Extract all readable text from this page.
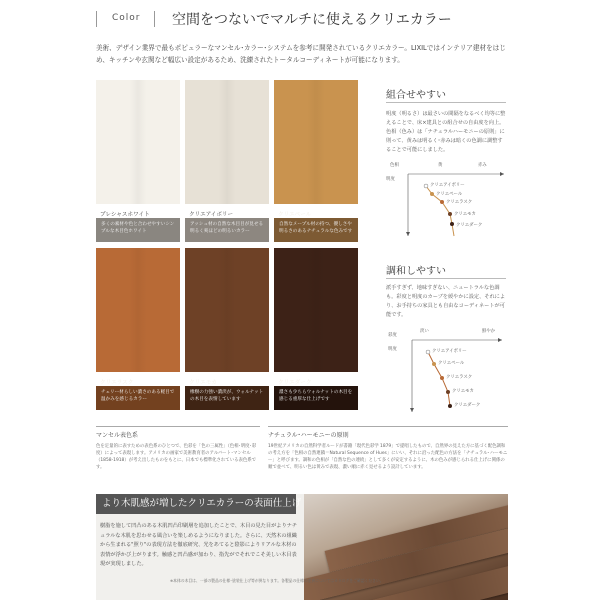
Color 空間をつないでマルチに使えるクリエカラー
美術、デザイン業界で最もポピュラーなマンセル･カラー･システムを参考に開発されているクリエカラー。LIXILではインテリア建材をはじめ、キッチンや玄関など幅広い設定があるため、洗練されたトータルコーディネートが可能になります。
プレシャスホワイト
多くの素材や色と合わせやすいシンプルな木目色ホワイト
クリエアイボリー
アッシュ材の自然な木目目が見せる明るく爽ほどの明るいカラー
クリエペール
自然なメープル材の持つ、優しさや明るさのあるナチュラルな色みです
クリエラスク
チェリー材らしい濃さのある軽目で温かみを感じるカラー
クリエモカ
橡樹の力強い濃淡が、ウォルナットの木目を表情しています
クリエダーク
濃さも少ちらウォルナットの木目を感じる重厚な仕上げです
組合せやすい
明度（明るさ）は最さいの間隔をなるべく均等に整えることで、床×建具との組合せの自由度を向上。色相（色み）は「ナチュラルハーモニーの原則」に則って、黄みは明るく･赤みは暗くの色調に調整することで可能にしました。
色相	黄	赤み
明度
クリエアイボリー
クリエペール
クリエラスク
クリエモカ
クリエダーク
調和しやすい
派手すぎず、地味すぎない、ニュートラルな色調も。彩度と明度のカーブを緩やかに設定、それにより、お手持ちの家具とも自由なコーディネートが可能です。
彩度
淡い	鮮やか
明度	クリエアイボリー
クリエペール
クリエラスク
クリエモカ
クリエダーク
マンセル表色系
色を定量的に表すための表色系のひとつで、色彩を「色の三属性」（色相･明度･彩度）によって表現します。アメリカの画家で美術教育者のアルバート･マンセル（1858-1918）が考え出したものをもとに、日本でも標準化されている表色系です。
ナチュラル･ハーモニーの原則
19世紀アメリカの自然科学者ルードが書籍「現代色彩学 1879」で提唱したもので、自然界の見えた方に基づく配色調和の考え方を「色相の自然連鎖＝Natural Sequence of Hues」にいい、それに沿った配色の方法を「ナチュラル･ハーモニー」と呼びます。調和の色相が「自然な色の連続」として多くが安定するように、木の色みが感じられる仕上げに関係の順で並べて、明るい色は黄みで表現、濃い順に赤く見せるよう設計しています。
より木肌感が増したクリエカラーの表面仕上げ
樹脂を施して凹凸のある木肌凹凸印刷層を追加したことで、木目の見た目がよりナチュラルな木肌を思わせる風合いを楽しめるようになりました。さらに、天然木の組織から生まれる"照り"の表現方法を徹底研究、光をあてると陰影によりリアルな木材の表情が浮かび上がります。触感と凹凸感が加わり、指先がでそれでこそ美しい木目表現が実現しました。
※本体の木目は、一部の製品の仕様･塗装仕上げ等が異なります。各製品の仕様の差異についてはカタログをご確認ください。
